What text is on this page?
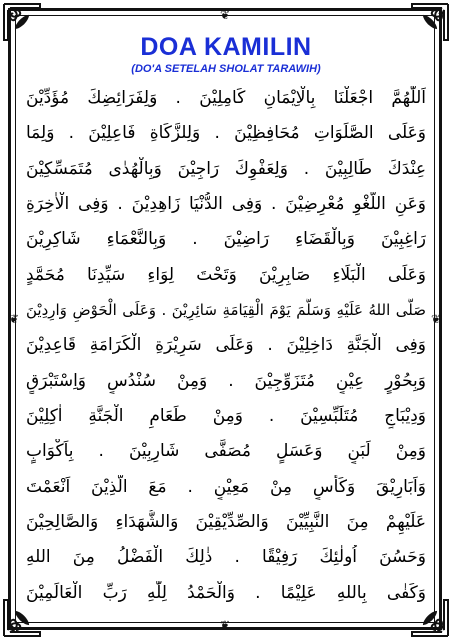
❦
❦
❦	❦
DOA KAMILIN

(DO'A SETELAH SHOLAT TARAWIH)

اَللّٰهُمَّ اجْعَلْنَا بِالْاِيْمَانِ كَامِلِيْنَ . وَلِفَرَائِضِكَ مُؤَدِّيْنَ
وَعَلَى الصَّلَوَاتِ مُحَافِظِيْنَ . وَلِلزَّكَاةِ فَاعِلِيْنَ . وَلِمَا
عِنْدَكَ طَالِبِيْنَ . وَلِعَفْوِكَ رَاجِيْنَ وَبِالْهُدٰى مُتَمَسِّكِيْنَ
وَعَنِ اللَّغْوِ مُعْرِضِيْنَ . وَفِى الدُّنْيَا زَاهِدِيْنَ . وَفِى الْاٰخِرَةِ
رَاغِبِيْنَ وَبِالْقَضَاءِ رَاضِيْنَ . وَبِالنَّعْمَاءِ شَاكِرِيْنَ
وَعَلَى الْبَلَاءِ صَابِرِيْنَ وَتَحْتَ لِوَاءِ سَيِّدِنَا مُحَمَّدٍ
صَلَّى اللهُ عَلَيْهِ وَسَلَّمَ يَوْمَ الْقِيَامَةِ سَائِرِيْنَ . وَعَلَى الْحَوْضِ وَارِدِيْنَ
وَفِى الْجَنَّةِ دَاخِلِيْنَ . وَعَلَى سَرِيْرَةِ الْكَرَامَةِ قَاعِدِيْنَ
وَبِحُوْرٍ عِيْنٍ مُتَزَوِّجِيْنَ . وَمِنْ سُنْدُسٍ وَاِسْتَبْرَقٍ
وَدِيْبَاجٍ مُتَلَبِّسِيْنَ . وَمِنْ طَعَامِ الْجَنَّةِ اٰكِلِيْنَ
وَمِنْ لَبَنٍ وَعَسَلٍ مُصَفًّى شَارِبِيْنَ . بِاَكْوَابٍ
وَاَبَارِيْقَ وَكَأْسٍ مِنْ مَعِيْنٍ . مَعَ الَّذِيْنَ اَنْعَمْتَ
عَلَيْهِمْ مِنَ النَّبِيِّيْنَ وَالصِّدِّيْقِيْنَ وَالشُّهَدَاءِ وَالصَّالِحِيْنَ
وَحَسُنَ اُولٰئِكَ رَفِيْقًا . ذٰلِكَ الْفَضْلُ مِنَ اللهِ
وَكَفٰى بِاللهِ عَلِيْمًا . وَالْحَمْدُ لِلّٰهِ رَبِّ الْعَالَمِيْنَ
